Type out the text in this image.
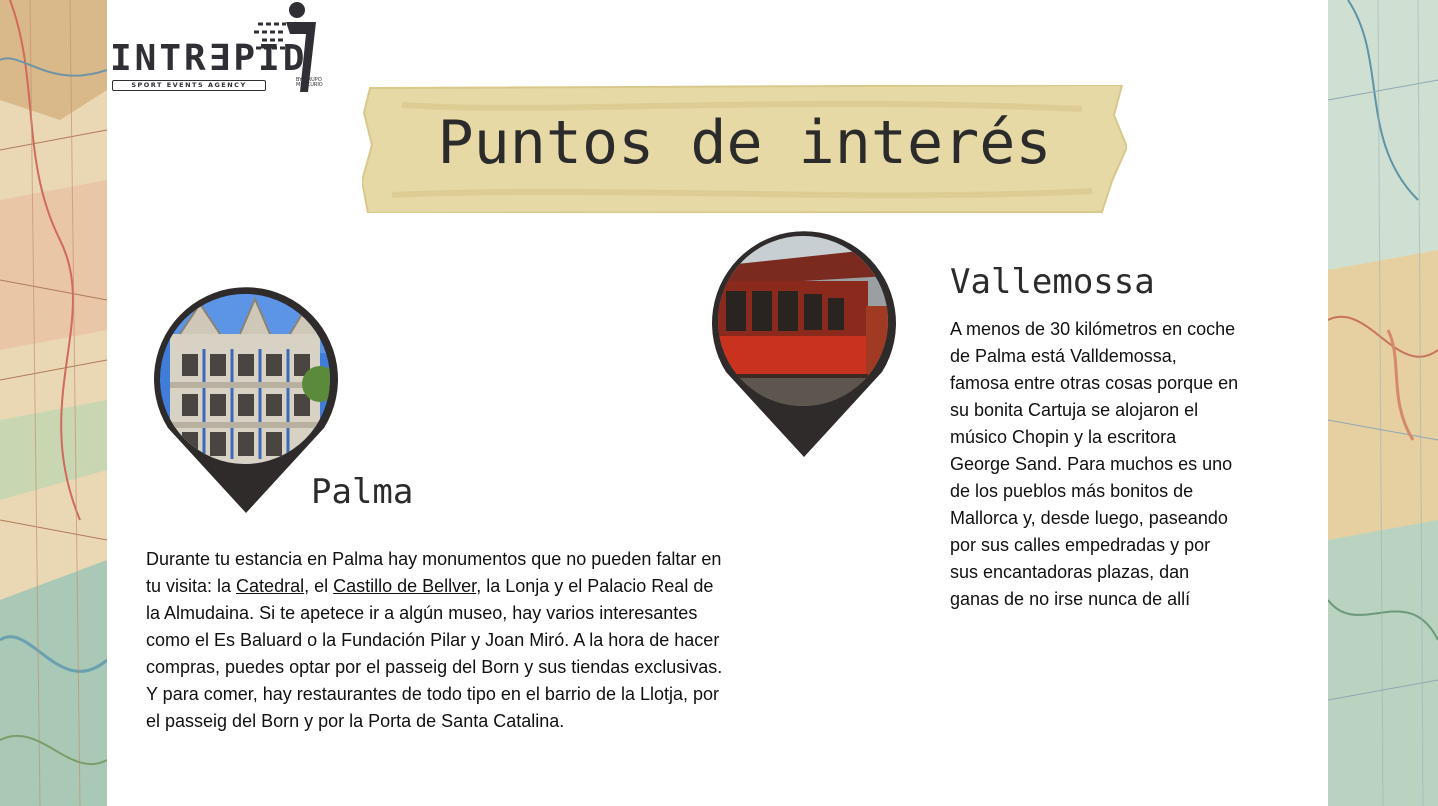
INTR∃PID
SPORT EVENTS AGENCY
BY GRUPO MERCURIO
Puntos de interés
Palma

Durante tu estancia en Palma hay monumentos que no pueden faltar en tu visita: la Catedral, el Castillo de Bellver, la Lonja y el Palacio Real de la Almudaina. Si te apetece ir a algún museo, hay varios interesantes como el Es Baluard o la Fundación Pilar y Joan Miró. A la hora de hacer compras, puedes optar por el passeig del Born y sus tiendas exclusivas. Y para comer, hay restaurantes de todo tipo en el barrio de la Llotja, por el passeig del Born y por la Porta de Santa Catalina.

Vallemossa

A menos de 30 kilómetros en coche de Palma está Valldemossa, famosa entre otras cosas porque en su bonita Cartuja se alojaron el músico Chopin y la escritora George Sand. Para muchos es uno de los pueblos más bonitos de Mallorca y, desde luego, paseando por sus calles empedradas y por sus encantadoras plazas, dan ganas de no irse nunca de allí
